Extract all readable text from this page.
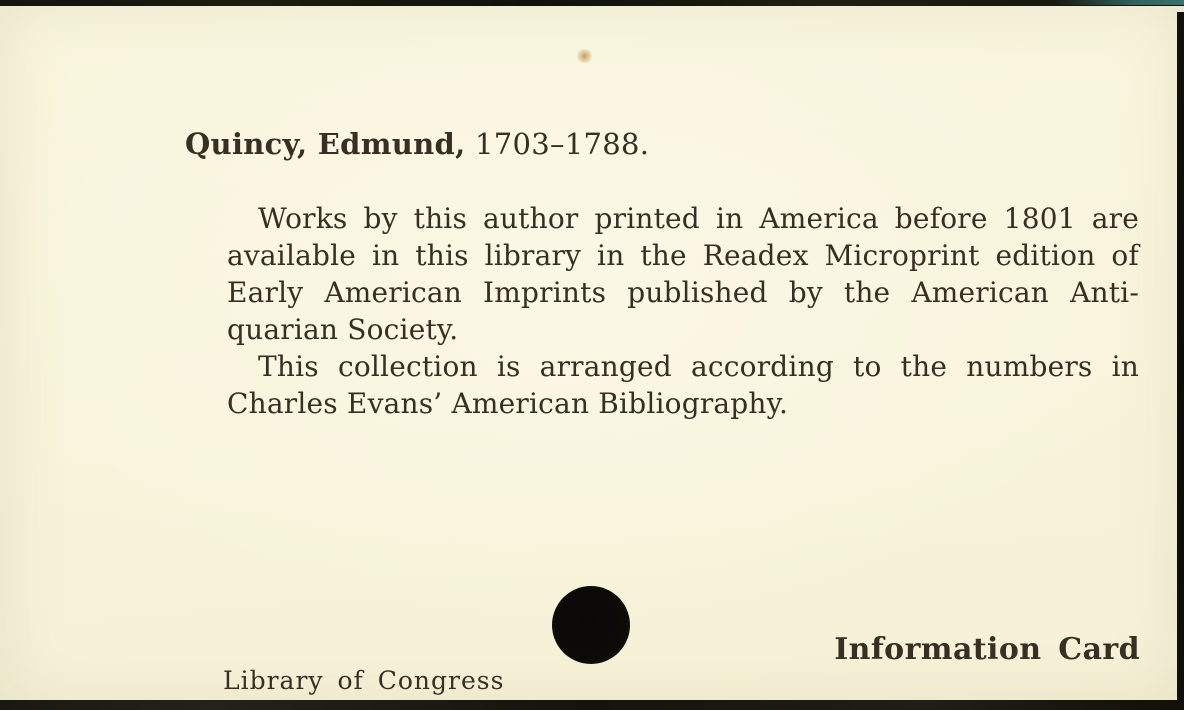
Quincy, Edmund, 1703–1788.
Works by this author printed in America before 1801 are
available in this library in the Readex Microprint edition of
Early American Imprints published by the American Anti-
quarian Society.
This collection is arranged according to the numbers in
Charles Evans’ American Bibliography.
Library of Congress
Information Card
